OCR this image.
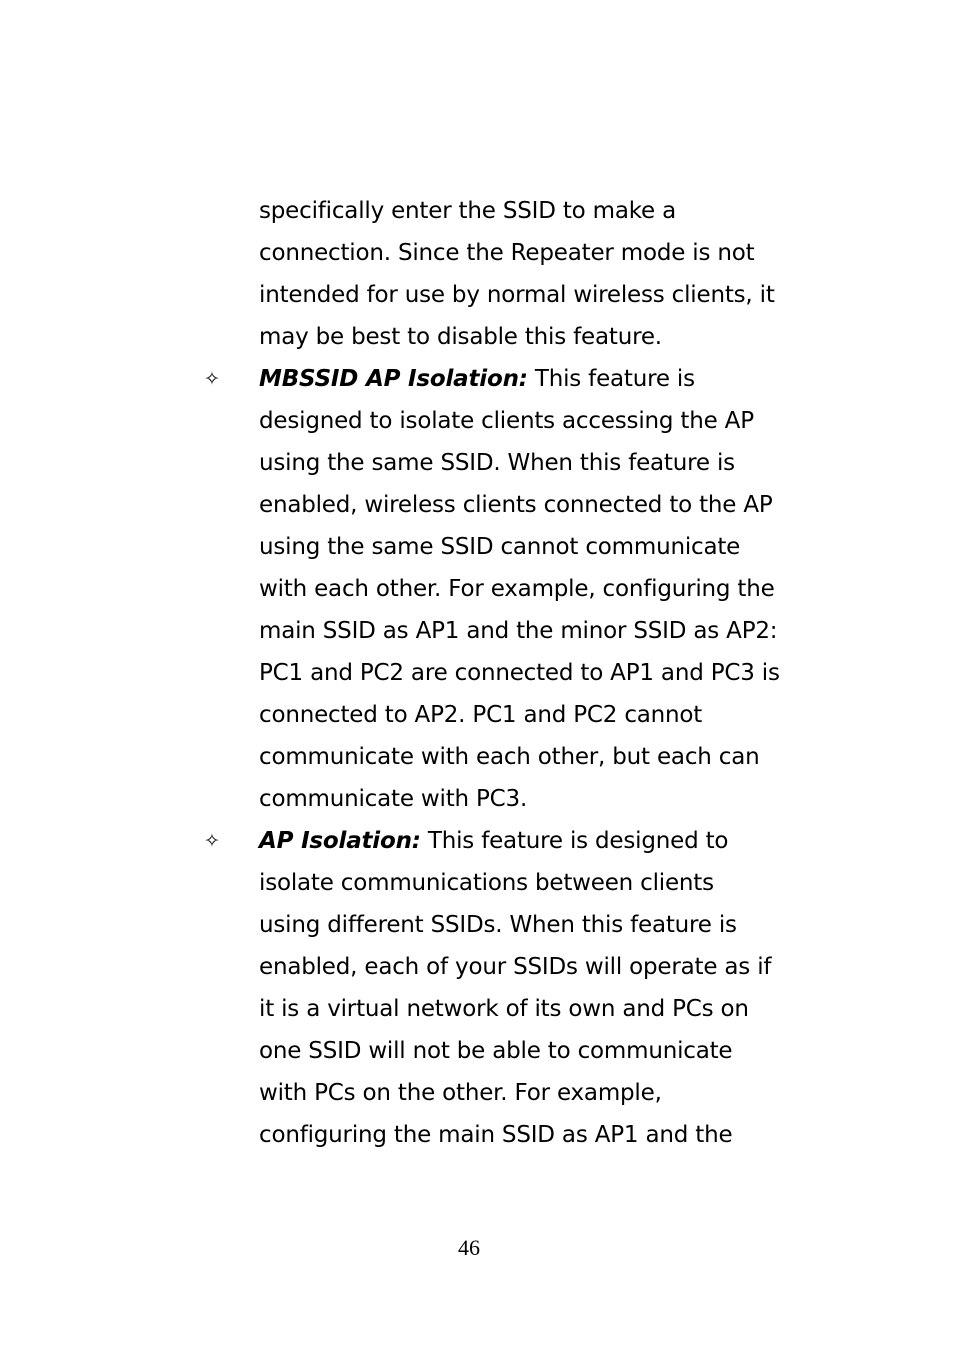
specifically enter the SSID to make a
connection. Since the Repeater mode is not
intended for use by normal wireless clients, it
may be best to disable this feature.

✧ MBSSID AP Isolation: This feature is
designed to isolate clients accessing the AP
using the same SSID. When this feature is
enabled, wireless clients connected to the AP
using the same SSID cannot communicate
with each other. For example, configuring the
main SSID as AP1 and the minor SSID as AP2:
PC1 and PC2 are connected to AP1 and PC3 is
connected to AP2. PC1 and PC2 cannot
communicate with each other, but each can
communicate with PC3.
✧ AP Isolation: This feature is designed to
isolate communications between clients
using different SSIDs. When this feature is
enabled, each of your SSIDs will operate as if
it is a virtual network of its own and PCs on
one SSID will not be able to communicate
with PCs on the other. For example,
configuring the main SSID as AP1 and the
46
